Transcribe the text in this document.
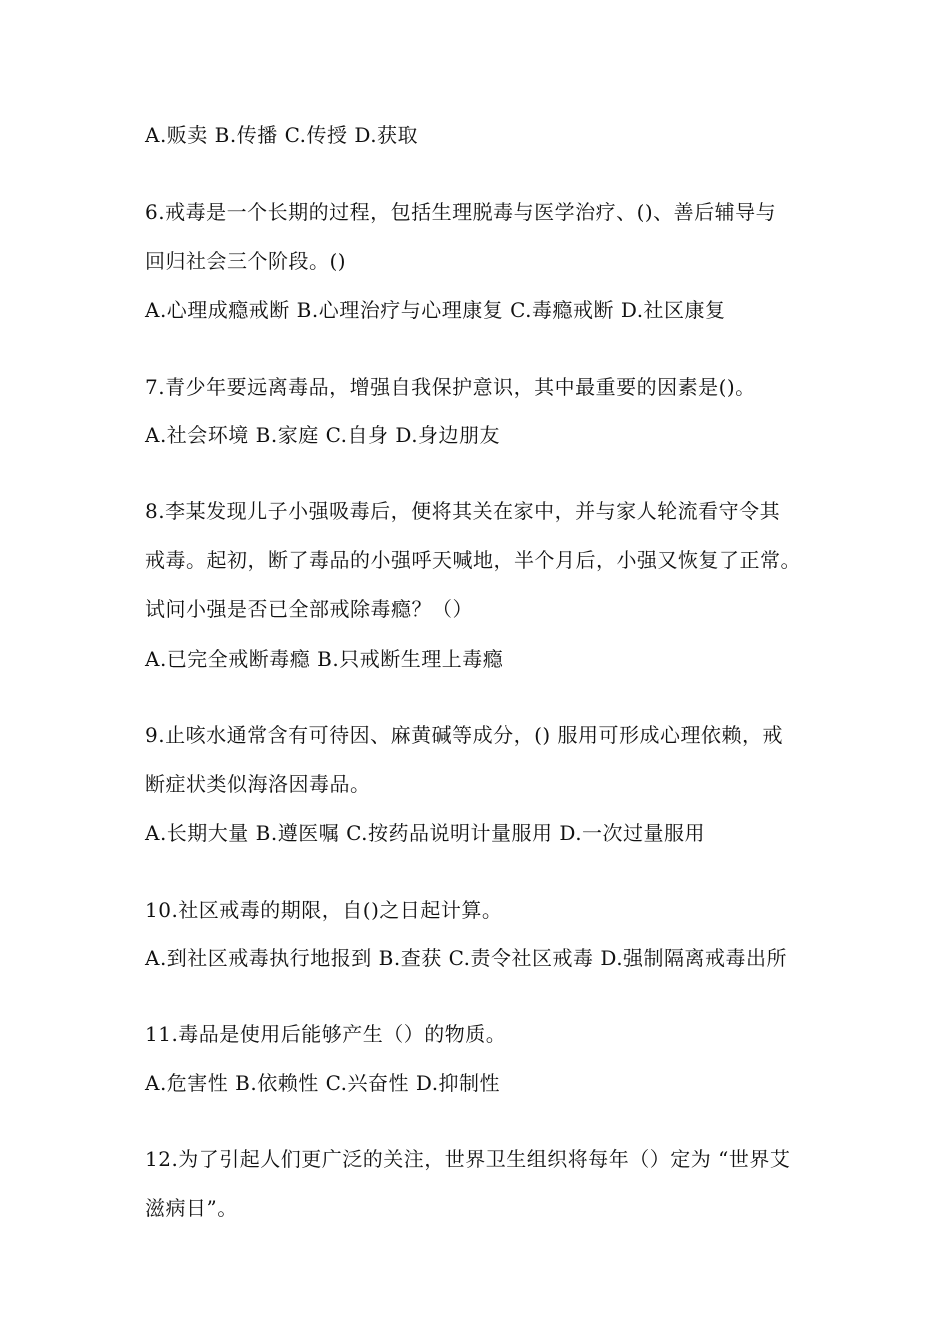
A.贩卖 B.传播 C.传授 D.获取
6.戒毒是一个长期的过程，包括生理脱毒与医学治疗、()、善后辅导与
回归社会三个阶段。()
A.心理成瘾戒断 B.心理治疗与心理康复 C.毒瘾戒断 D.社区康复
7.青少年要远离毒品，增强自我保护意识，其中最重要的因素是()。
A.社会环境 B.家庭 C.自身 D.身边朋友
8.李某发现儿子小强吸毒后，便将其关在家中，并与家人轮流看守令其
戒毒。起初，断了毒品的小强呼天喊地，半个月后，小强又恢复了正常。
试问小强是否已全部戒除毒瘾？（）
A.已完全戒断毒瘾 B.只戒断生理上毒瘾
9.止咳水通常含有可待因、麻黄碱等成分，() 服用可形成心理依赖，戒
断症状类似海洛因毒品。
A.长期大量 B.遵医嘱 C.按药品说明计量服用 D.一次过量服用
10.社区戒毒的期限，自()之日起计算。
A.到社区戒毒执行地报到 B.查获 C.责令社区戒毒 D.强制隔离戒毒出所
11.毒品是使用后能够产生（）的物质。
A.危害性 B.依赖性 C.兴奋性 D.抑制性
12.为了引起人们更广泛的关注，世界卫生组织将每年（）定为 “世界艾
滋病日”。
